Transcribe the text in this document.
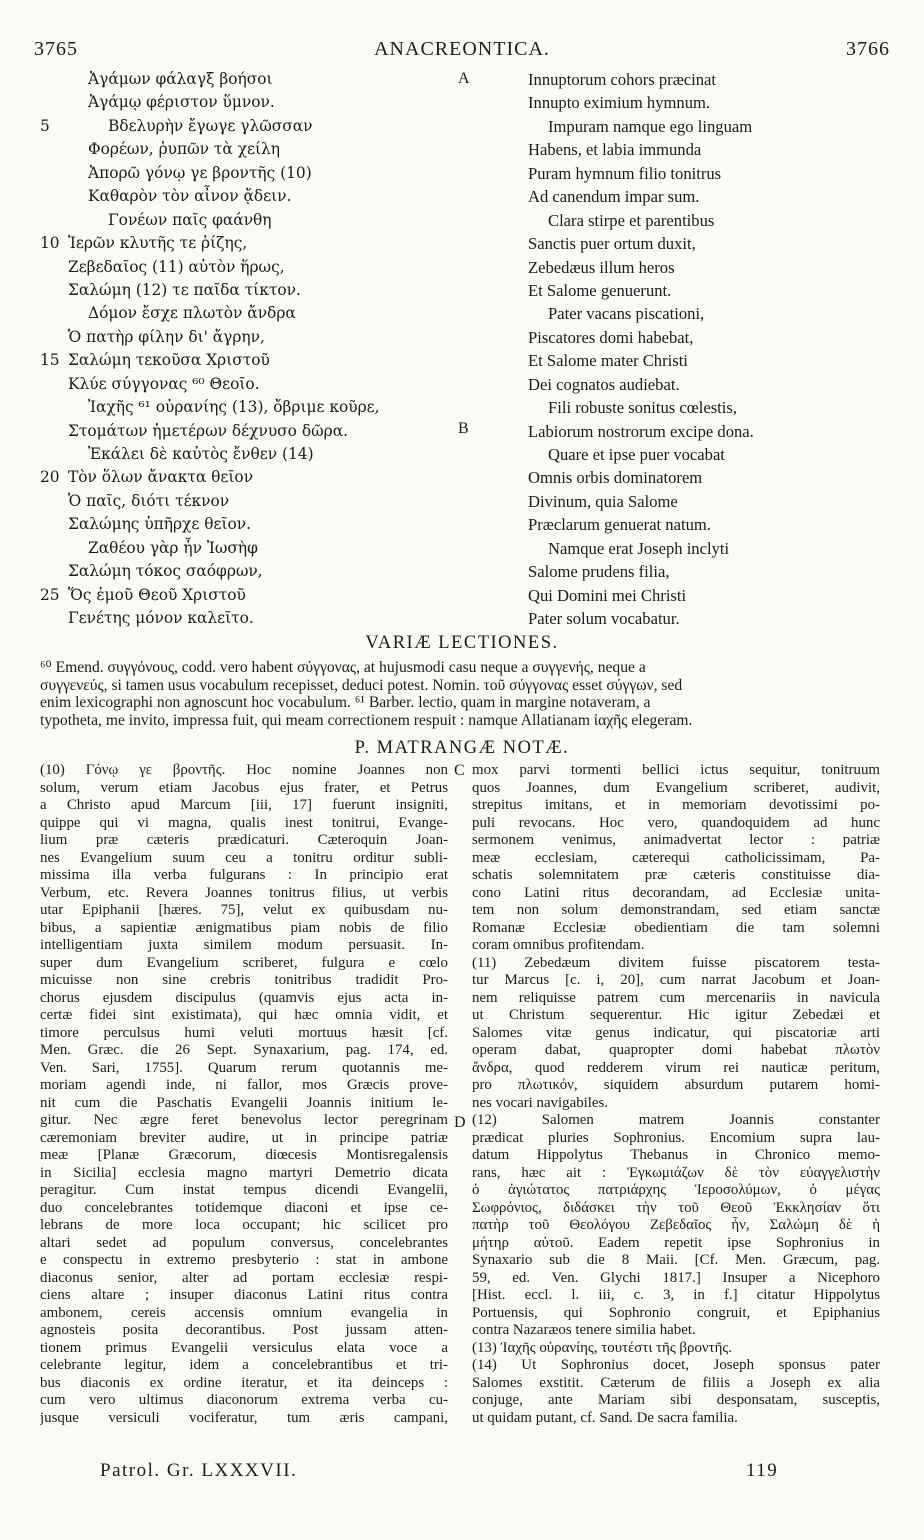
3765	ANACREONTICA.	3766
Ἀγάμων φάλαγξ βοήσοι
Ἀγάμῳ φέριστον ὕμνον.
5	Βδελυρὴν ἔγωγε γλῶσσαν
Φορέων, ῥυπῶν τὰ χείλη
Ἀπορῶ γόνῳ γε βροντῆς (10)
Καθαρὸν τὸν αἶνον ᾄδειν.
Γονέων παῖς φαάνθη
10 Ἱερῶν κλυτῆς τε ῥίζης,
Ζεβεδαῖος (11) αὐτὸν ἥρως,
Σαλώμη (12) τε παῖδα τίκτον.
Δόμον ἔσχε πλωτὸν ἄνδρα
Ὁ πατὴρ φίλην δι' ἄγρην,
15 Σαλώμη τεκοῦσα Χριστοῦ
Κλύε σύγγονας ⁶⁰ Θεοῖο.
Ἰαχῆς ⁶¹ οὐρανίης (13), ὄβριμε κοῦρε,
Στομάτων ἡμετέρων δέχνυσο δῶρα.
Ἐκάλει δὲ καὐτὸς ἔνθεν (14)
20 Τὸν ὅλων ἄνακτα θεῖον
Ὁ παῖς, διότι τέκνον
Σαλώμης ὑπῆρχε θεῖον.
Ζαθέου γὰρ ἦν Ἰωσὴφ
Σαλώμη τόκος σαόφρων,
25 Ὅς ἐμοῦ Θεοῦ Χριστοῦ
Γενέτης μόνον καλεῖτο.
Innuptorum cohors præcinat
Innupto eximium hymnum.
Impuram namque ego linguam
Habens, et labia immunda
Puram hymnum filio tonitrus
Ad canendum impar sum.
Clara stirpe et parentibus
Sanctis puer ortum duxit,
Zebedæus illum heros
Et Salome genuerunt.
Pater vacans piscationi,
Piscatores domi habebat,
Et Salome mater Christi
Dei cognatos audiebat.
Fili robuste sonitus cœlestis,
Labiorum nostrorum excipe dona.
Quare et ipse puer vocabat
Omnis orbis dominatorem
Divinum, quia Salome
Præclarum genuerat natum.
Namque erat Joseph inclyti
Salome prudens filia,
Qui Domini mei Christi
Pater solum vocabatur.
A
B
VARIÆ LECTIONES.
⁶⁰ Emend. συγγόνους, codd. vero habent σύγγονας, at hujusmodi casu neque a συγγενής, neque a
συγγενεύς, si tamen usus vocabulum recepisset, deduci potest. Nomin. τοῦ σύγγονας esset σύγγων, sed
enim lexicographi non agnoscunt hoc vocabulum. ⁶¹ Barber. lectio, quam in margine notaveram, a
typotheta, me invito, impressa fuit, qui meam correctionem respuit : namque Allatianam ἰαχῆς elegeram.
P. MATRANGÆ NOTÆ.
(10) Γόνῳ γε βροντῆς. Hoc nomine Joannes non
solum, verum etiam Jacobus ejus frater, et Petrus
a Christo apud Marcum [iii, 17] fuerunt insigniti,
quippe qui vi magna, qualis inest tonitrui, Evange-
lium præ cæteris prædicaturi. Cæteroquin Joan-
nes Evangelium suum ceu a tonitru orditur subli-
missima illa verba fulgurans : In principio erat
Verbum, etc. Revera Joannes tonitrus filius, ut verbis
utar Epiphanii [hæres. 75], velut ex quibusdam nu-
bibus, a sapientiæ ænigmatibus piam nobis de filio
intelligentiam juxta similem modum persuasit. In-
super dum Evangelium scriberet, fulgura e cœlo
micuisse non sine crebris tonitribus tradidit Pro-
chorus ejusdem discipulus (quamvis ejus acta in-
certæ fidei sint existimata), qui hæc omnia vidit, et
timore perculsus humi veluti mortuus hæsit [cf.
Men. Græc. die 26 Sept. Synaxarium, pag. 174, ed.
Ven. Sari, 1755]. Quarum rerum quotannis me-
moriam agendi inde, ni fallor, mos Græcis prove-
nit cum die Paschatis Evangelii Joannis initium le-
gitur. Nec ægre feret benevolus lector peregrinam
cæremoniam breviter audire, ut in principe patriæ
meæ [Planæ Græcorum, diœcesis Montisregalensis
in Sicilia] ecclesia magno martyri Demetrio dicata
peragitur. Cum instat tempus dicendi Evangelii,
duo concelebrantes totidemque diaconi et ipse ce-
lebrans de more loca occupant; hic scilicet pro
altari sedet ad populum conversus, concelebrantes
e conspectu in extremo presbyterio : stat in ambone
diaconus senior, alter ad portam ecclesiæ respi-
ciens altare ; insuper diaconus Latini ritus contra
ambonem, cereis accensis omnium evangelia in
agnosteis posita decorantibus. Post jussam atten-
tionem primus Evangelii versiculus elata voce a
celebrante legitur, idem a concelebrantibus et tri-
bus diaconis ex ordine iteratur, et ita deinceps :
cum vero ultimus diaconorum extrema verba cu-
jusque versiculi vociferatur, tum æris campani,
mox parvi tormenti bellici ictus sequitur, tonitruum
quos Joannes, dum Evangelium scriberet, audivit,
strepitus imitans, et in memoriam devotissimi po-
puli revocans. Hoc vero, quandoquidem ad hunc
sermonem venimus, animadvertat lector : patriæ
meæ ecclesiam, cæterequi catholicissimam, Pa-
schatis solemnitatem præ cæteris constituisse dia-
cono Latini ritus decorandam, ad Ecclesiæ unita-
tem non solum demonstrandam, sed etiam sanctæ
Romanæ Ecclesiæ obedientiam die tam solemni
coram omnibus profitendam.
(11) Zebedæum divitem fuisse piscatorem testa-
tur Marcus [c. i, 20], cum narrat Jacobum et Joan-
nem reliquisse patrem cum mercenariis in navicula
ut Christum sequerentur. Hic igitur Zebedæi et
Salomes vitæ genus indicatur, qui piscatoriæ arti
operam dabat, quapropter domi habebat πλωτὸν
ἄνδρα, quod redderem virum rei nauticæ peritum,
pro πλωτικόν, siquidem absurdum putarem homi-
nes vocari navigabiles.
(12) Salomen matrem Joannis constanter
prædicat pluries Sophronius. Encomium supra lau-
datum Hippolytus Thebanus in Chronico memo-
rans, hæc ait : Ἐγκωμιάζων δὲ τὸν εὐαγγελιστὴν
ὁ ἁγιώτατος πατριάρχης Ἱεροσολύμων, ὁ μέγας
Σωφρόνιος, διδάσκει τὴν τοῦ Θεοῦ Ἐκκλησίαν ὅτι
πατὴρ τοῦ Θεολόγου Ζεβεδαῖος ἦν, Σαλώμη δὲ ἡ
μήτηρ αὐτοῦ. Eadem repetit ipse Sophronius in
Synaxario sub die 8 Maii. [Cf. Men. Græcum, pag.
59, ed. Ven. Glychi 1817.] Insuper a Nicephoro
[Hist. eccl. l. iii, c. 3, in f.] citatur Hippolytus
Portuensis, qui Sophronio congruit, et Epiphanius
contra Nazaræos tenere similia habet.
(13) Ἰαχῆς οὐρανίης, τουτέστι τῆς βροντῆς.
(14) Ut Sophronius docet, Joseph sponsus pater
Salomes exstitit. Cæterum de filiis a Joseph ex alia
conjuge, ante Mariam sibi desponsatam, susceptis,
ut quidam putant, cf. Sand. De sacra familia.
C
D
Patrol. Gr. LXXXVII.	119
